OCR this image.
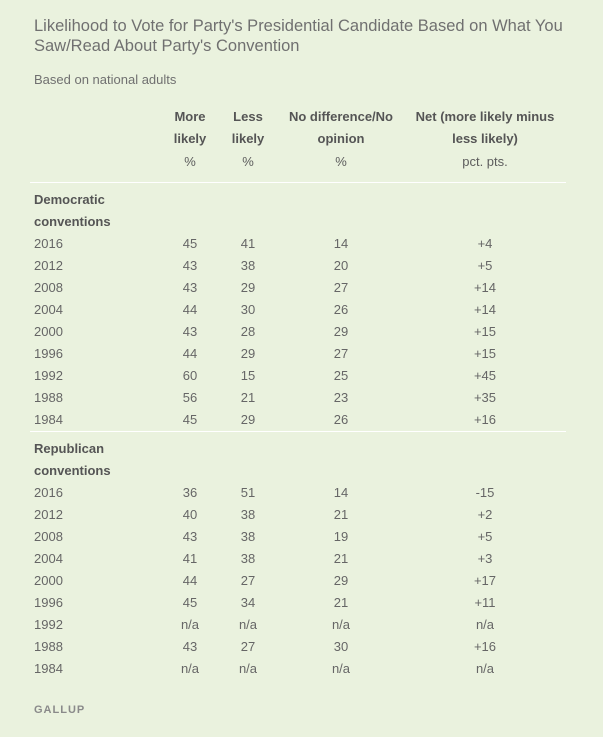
Likelihood to Vote for Party's Presidential Candidate Based on What You Saw/Read About Party's Convention
Based on national adults
	More likely	Less likely	No difference/No opinion	Net (more likely minus less likely)
	%	%	%	pct. pts.
Democratic conventions				
2016	45	41	14	+4
2012	43	38	20	+5
2008	43	29	27	+14
2004	44	30	26	+14
2000	43	28	29	+15
1996	44	29	27	+15
1992	60	15	25	+45
1988	56	21	23	+35
1984	45	29	26	+16
Republican conventions				
2016	36	51	14	-15
2012	40	38	21	+2
2008	43	38	19	+5
2004	41	38	21	+3
2000	44	27	29	+17
1996	45	34	21	+11
1992	n/a	n/a	n/a	n/a
1988	43	27	30	+16
1984	n/a	n/a	n/a	n/a
GALLUP
